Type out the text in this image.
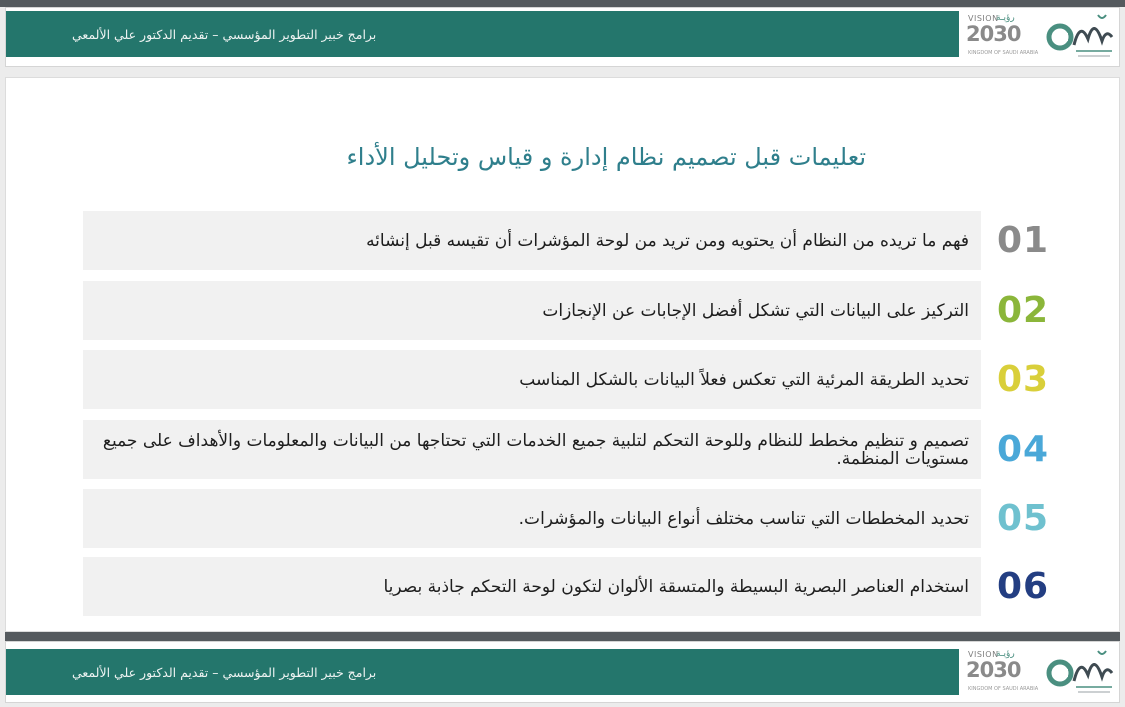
برامج خبير التطوير المؤسسي – تقديم الدكتور علي الألمعي
VISION
رؤيـة
2030
KINGDOM OF SAUDI ARABIA
تعليمات قبل تصميم نظام إدارة و قياس وتحليل الأداء
فهم ما تريده من النظام أن يحتويه ومن تريد من لوحة المؤشرات أن تقيسه قبل إنشائه 01
التركيز على البيانات التي تشكل أفضل الإجابات عن الإنجازات 02
تحديد الطريقة المرئية التي تعكس فعلاً البيانات بالشكل المناسب 03
تصميم و تنظيم مخطط للنظام وللوحة التحكم لتلبية جميع الخدمات التي تحتاجها من البيانات والمعلومات والأهداف على جميع مستويات المنظمة. 04
تحديد المخططات التي تناسب مختلف أنواع البيانات والمؤشرات. 05
استخدام العناصر البصرية البسيطة والمتسقة الألوان لتكون لوحة التحكم جاذبة بصريا 06
برامج خبير التطوير المؤسسي – تقديم الدكتور علي الألمعي
VISION
رؤيـة
2030
KINGDOM OF SAUDI ARABIA
